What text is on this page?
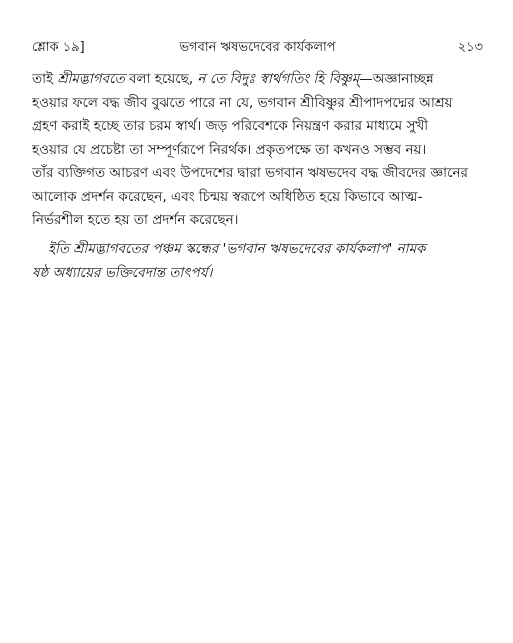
শ্লোক ১৯]	ভগবান ঋষভদেবের কার্যকলাপ	২১৩
তাই শ্রীমদ্ভাগবতে বলা হয়েছে, ন তে বিদুঃ স্বার্থগতিং হি বিষ্ণুম্—অজ্ঞানাচ্ছন্ন
হওয়ার ফলে বদ্ধ জীব বুঝতে পারে না যে, ভগবান শ্রীবিষ্ণুর শ্রীপাদপদ্মের আশ্রয়
গ্রহণ করাই হচ্ছে তার চরম স্বার্থ। জড় পরিবেশকে নিয়ন্ত্রণ করার মাধ্যমে সুখী
হওয়ার যে প্রচেষ্টা তা সম্পূর্ণরূপে নিরর্থক। প্রকৃতপক্ষে তা কখনও সম্ভব নয়।
তাঁর ব্যক্তিগত আচরণ এবং উপদেশের দ্বারা ভগবান ঋষভদেব বদ্ধ জীবদের জ্ঞানের
আলোক প্রদর্শন করেছেন, এবং চিন্ময় স্বরূপে অধিষ্ঠিত হয়ে কিভাবে আত্ম-
নির্ভরশীল হতে হয় তা প্রদর্শন করেছেন।
ইতি শ্রীমদ্ভাগবতের পঞ্চম স্কন্ধের 'ভগবান ঋষভদেবের কার্যকলাপ' নামক
ষষ্ঠ অধ্যায়ের ভক্তিবেদান্ত তাৎপর্য।
